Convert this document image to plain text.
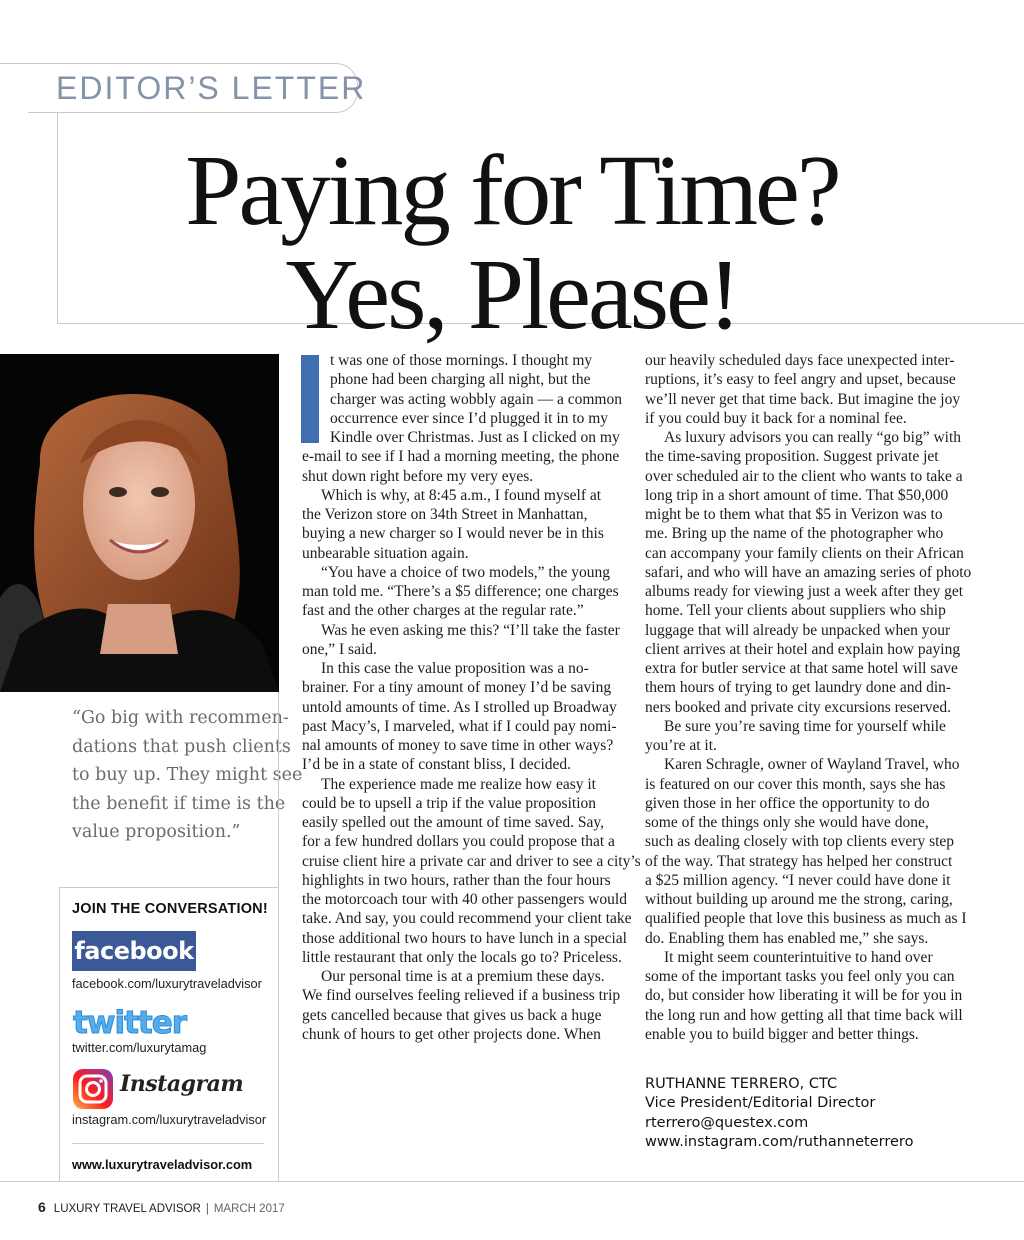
EDITOR’S LETTER
Paying for Time?
Yes, Please!
“Go big with recommen-
dations that push clients
to buy up. They might see
the benefit if time is the
value proposition.”
JOIN THE CONVERSATION!
facebook
facebook.com/luxurytraveladvisor
twitter
twitter.com/luxurytamag
Instagram
instagram.com/luxurytraveladvisor
www.luxurytraveladvisor.com
t was one of those mornings. I thought my
phone had been charging all night, but the
charger was acting wobbly again — a common
occurrence ever since I’d plugged it in to my
Kindle over Christmas. Just as I clicked on my
e-mail to see if I had a morning meeting, the phone
shut down right before my very eyes.
Which is why, at 8:45 a.m., I found myself at
the Verizon store on 34th Street in Manhattan,
buying a new charger so I would never be in this
unbearable situation again.
“You have a choice of two models,” the young
man told me. “There’s a $5 difference; one charges
fast and the other charges at the regular rate.”
Was he even asking me this? “I’ll take the faster
one,” I said.
In this case the value proposition was a no-
brainer. For a tiny amount of money I’d be saving
untold amounts of time. As I strolled up Broadway
past Macy’s, I marveled, what if I could pay nomi-
nal amounts of money to save time in other ways?
I’d be in a state of constant bliss, I decided.
The experience made me realize how easy it
could be to upsell a trip if the value proposition
easily spelled out the amount of time saved. Say,
for a few hundred dollars you could propose that a
cruise client hire a private car and driver to see a city’s
highlights in two hours, rather than the four hours
the motorcoach tour with 40 other passengers would
take. And say, you could recommend your client take
those additional two hours to have lunch in a special
little restaurant that only the locals go to? Priceless.
Our personal time is at a premium these days.
We find ourselves feeling relieved if a business trip
gets cancelled because that gives us back a huge
chunk of hours to get other projects done. When
our heavily scheduled days face unexpected inter-
ruptions, it’s easy to feel angry and upset, because
we’ll never get that time back. But imagine the joy
if you could buy it back for a nominal fee.
As luxury advisors you can really “go big” with
the time-saving proposition. Suggest private jet
over scheduled air to the client who wants to take a
long trip in a short amount of time. That $50,000
might be to them what that $5 in Verizon was to
me. Bring up the name of the photographer who
can accompany your family clients on their African
safari, and who will have an amazing series of photo
albums ready for viewing just a week after they get
home. Tell your clients about suppliers who ship
luggage that will already be unpacked when your
client arrives at their hotel and explain how paying
extra for butler service at that same hotel will save
them hours of trying to get laundry done and din-
ners booked and private city excursions reserved.
Be sure you’re saving time for yourself while
you’re at it.
Karen Schragle, owner of Wayland Travel, who
is featured on our cover this month, says she has
given those in her office the opportunity to do
some of the things only she would have done,
such as dealing closely with top clients every step
of the way. That strategy has helped her construct
a $25 million agency. “I never could have done it
without building up around me the strong, caring,
qualified people that love this business as much as I
do. Enabling them has enabled me,” she says.
It might seem counterintuitive to hand over
some of the important tasks you feel only you can
do, but consider how liberating it will be for you in
the long run and how getting all that time back will
enable you to build bigger and better things.
RUTHANNE TERRERO, CTC
Vice President/Editorial Director
rterrero@questex.com
www.instagram.com/ruthanneterrero
6 LUXURY TRAVEL ADVISOR | MARCH 2017
